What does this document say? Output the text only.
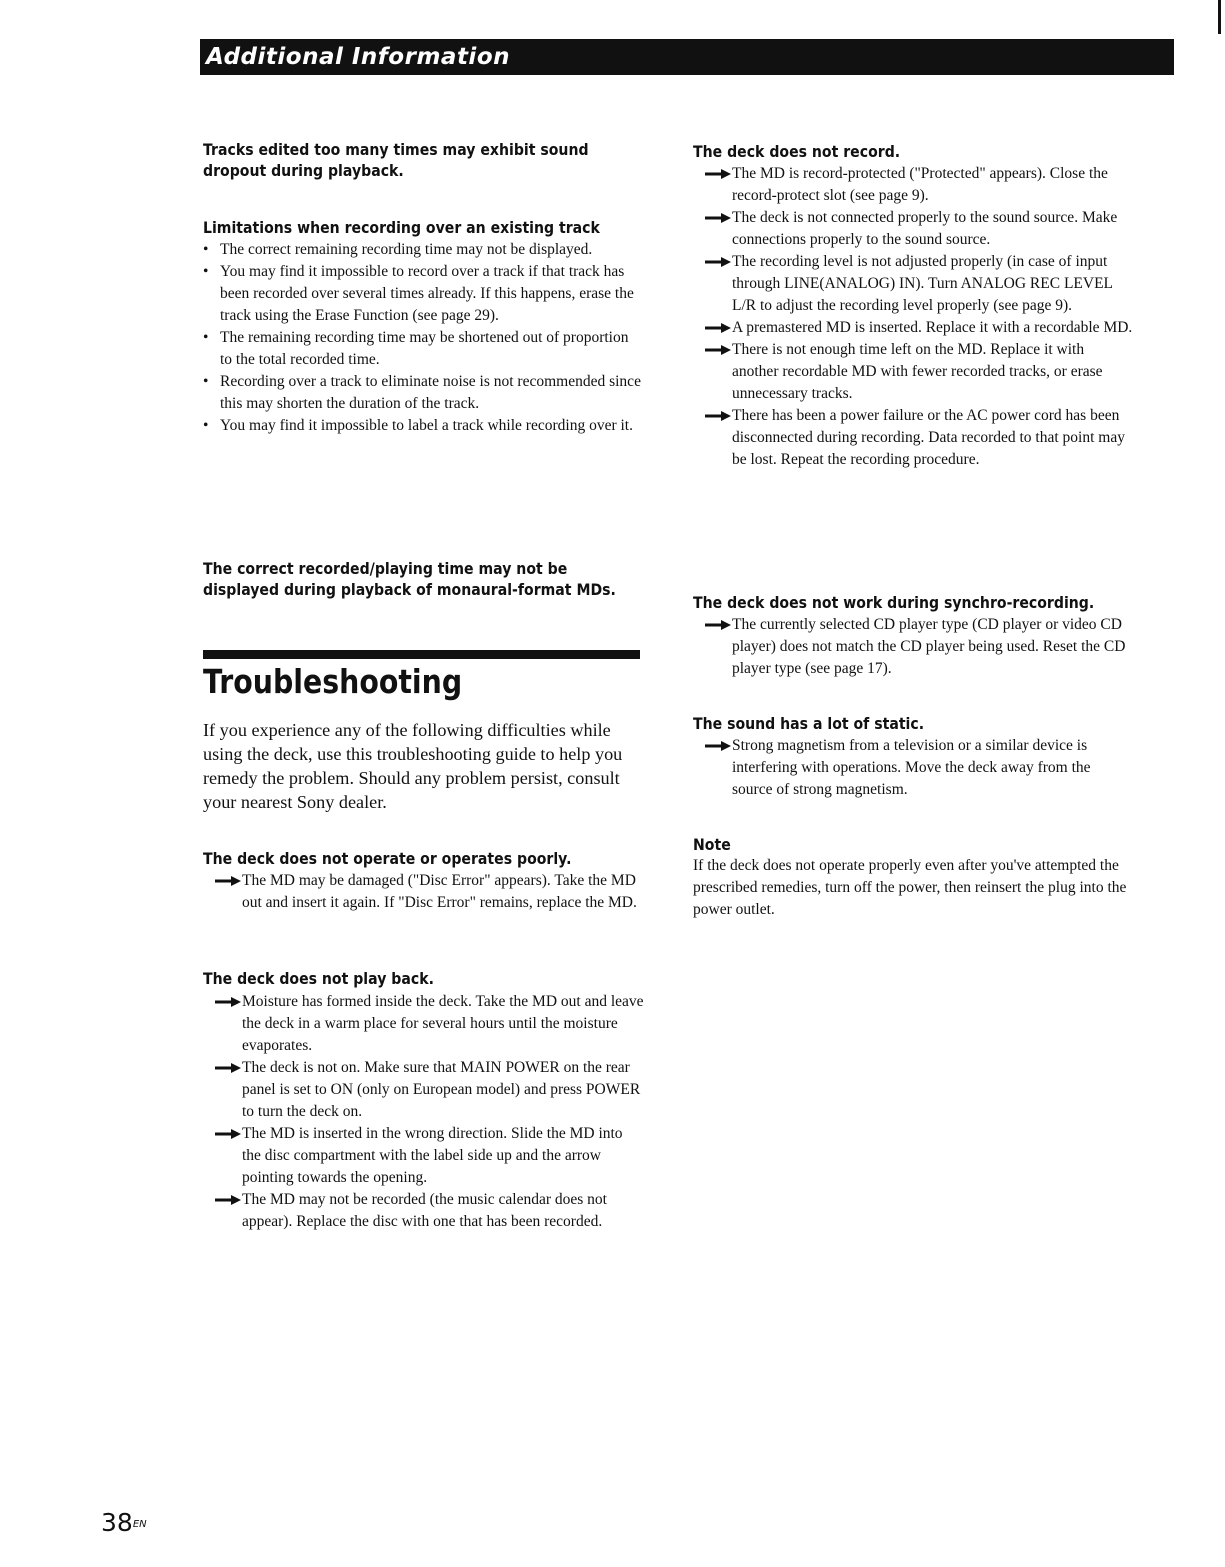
Additional Information
Tracks edited too many times may exhibit sound dropout during playback.
Limitations when recording over an existing track
• The correct remaining recording time may not be displayed.
• You may find it impossible to record over a track if that track has been recorded over several times already. If this happens, erase the track using the Erase Function (see page 29).
• The remaining recording time may be shortened out of proportion to the total recorded time.
• Recording over a track to eliminate noise is not recommended since this may shorten the duration of the track.
• You may find it impossible to label a track while recording over it.
The correct recorded/playing time may not be displayed during playback of monaural-format MDs.
Troubleshooting

If you experience any of the following difficulties while using the deck, use this troubleshooting guide to help you remedy the problem. Should any problem persist, consult your nearest Sony dealer.

The deck does not operate or operates poorly.
The MD may be damaged ("Disc Error" appears). Take the MD out and insert it again. If "Disc Error" remains, replace the MD.
The deck does not play back.
Moisture has formed inside the deck. Take the MD out and leave the deck in a warm place for several hours until the moisture evaporates.
The deck is not on. Make sure that MAIN POWER on the rear panel is set to ON (only on European model) and press POWER to turn the deck on.
The MD is inserted in the wrong direction. Slide the MD into the disc compartment with the label side up and the arrow pointing towards the opening.
The MD may not be recorded (the music calendar does not appear). Replace the disc with one that has been recorded.
The deck does not record.
The MD is record-protected ("Protected" appears). Close the record-protect slot (see page 9).
The deck is not connected properly to the sound source. Make connections properly to the sound source.
The recording level is not adjusted properly (in case of input through LINE(ANALOG) IN). Turn ANALOG REC LEVEL L/R to adjust the recording level properly (see page 9).
A premastered MD is inserted. Replace it with a recordable MD.
There is not enough time left on the MD. Replace it with another recordable MD with fewer recorded tracks, or erase unnecessary tracks.
There has been a power failure or the AC power cord has been disconnected during recording. Data recorded to that point may be lost. Repeat the recording procedure.
The deck does not work during synchro-recording.
The currently selected CD player type (CD player or video CD player) does not match the CD player being used. Reset the CD player type (see page 17).
The sound has a lot of static.
Strong magnetism from a television or a similar device is interfering with operations. Move the deck away from the source of strong magnetism.
Note

If the deck does not operate properly even after you've attempted the prescribed remedies, turn off the power, then reinsert the plug into the power outlet.

$38^{EN}$
